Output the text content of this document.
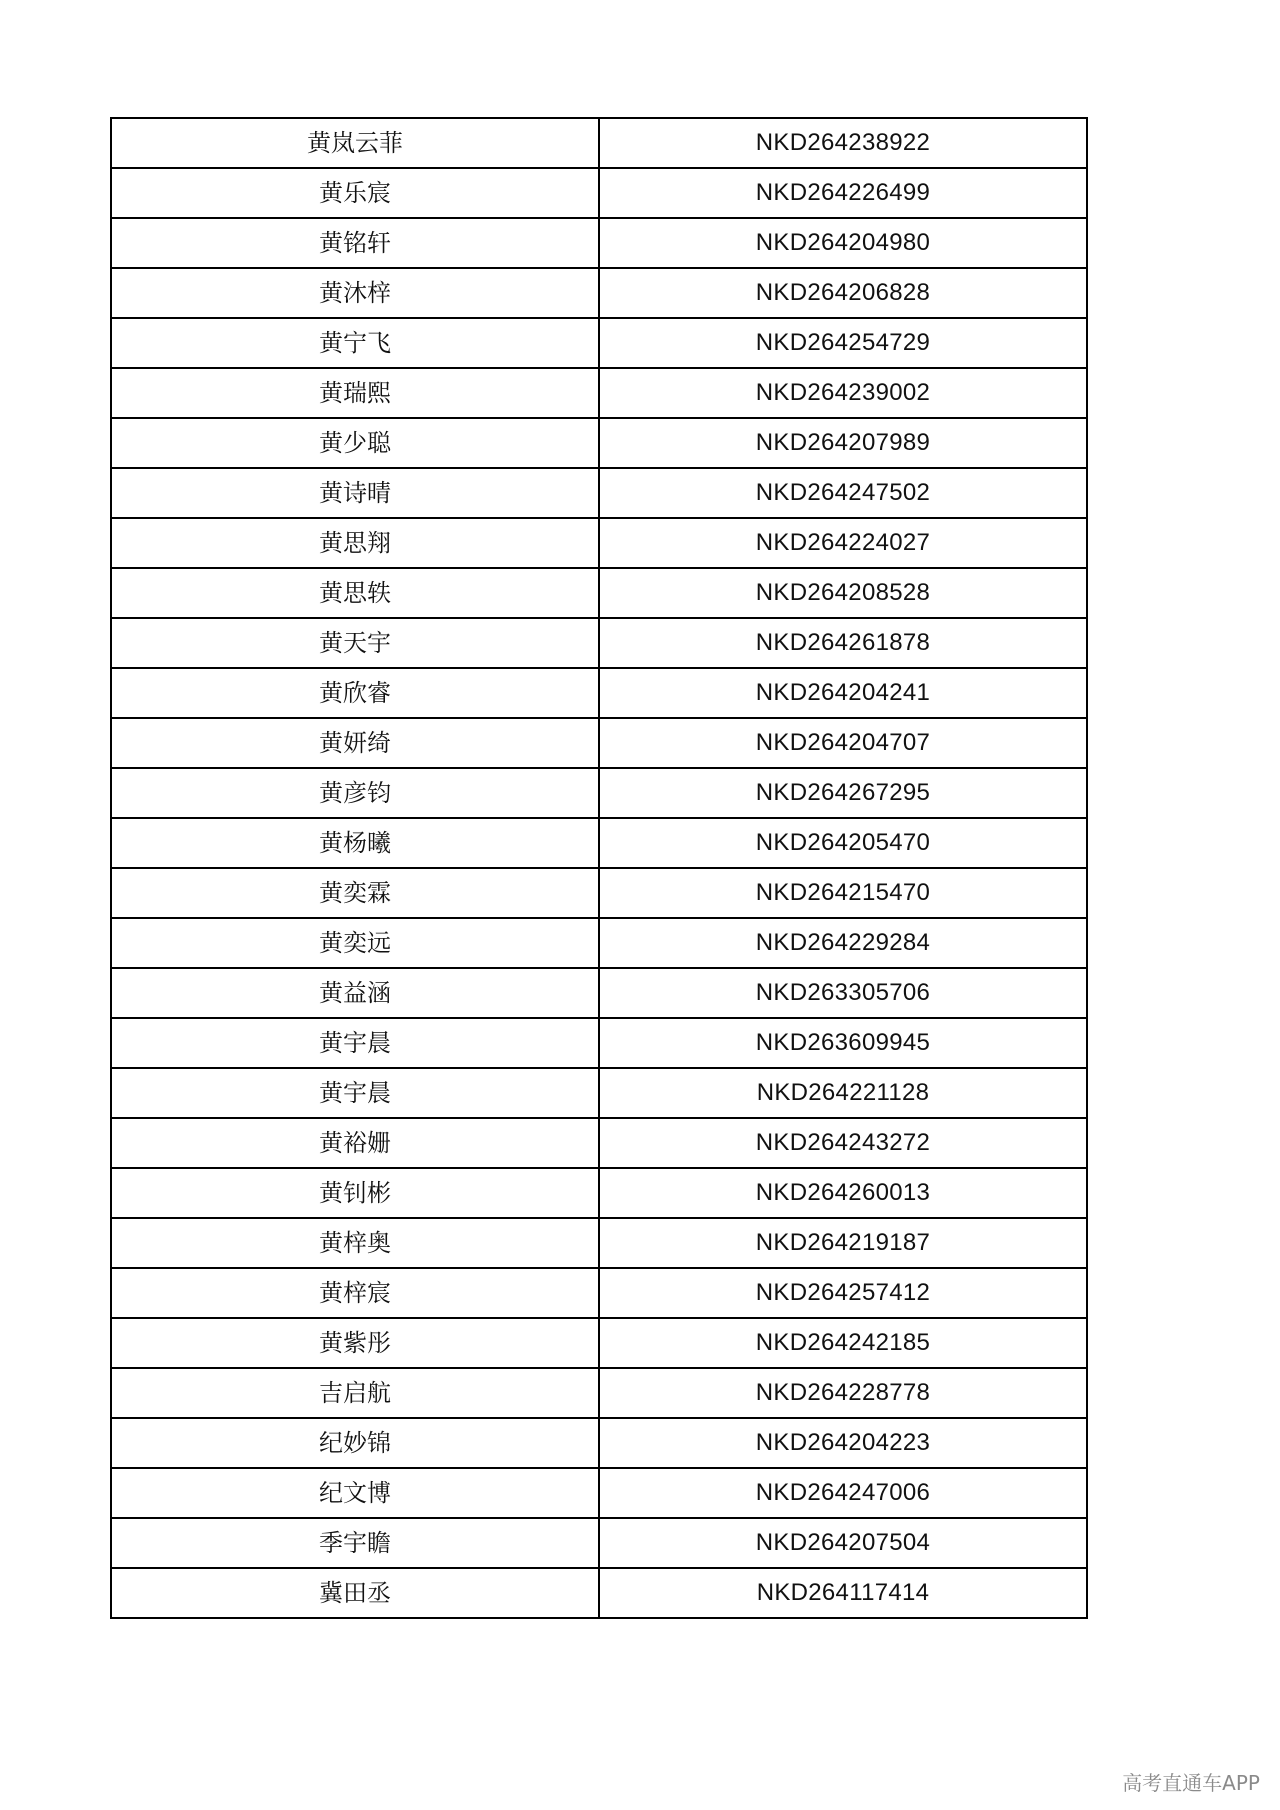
黄岚云菲	NKD264238922
黄乐宸	NKD264226499
黄铭轩	NKD264204980
黄沐梓	NKD264206828
黄宁飞	NKD264254729
黄瑞熙	NKD264239002
黄少聪	NKD264207989
黄诗晴	NKD264247502
黄思翔	NKD264224027
黄思轶	NKD264208528
黄天宇	NKD264261878
黄欣睿	NKD264204241
黄妍绮	NKD264204707
黄彦钧	NKD264267295
黄杨曦	NKD264205470
黄奕霖	NKD264215470
黄奕远	NKD264229284
黄益涵	NKD263305706
黄宇晨	NKD263609945
黄宇晨	NKD264221128
黄裕姗	NKD264243272
黄钊彬	NKD264260013
黄梓奥	NKD264219187
黄梓宸	NKD264257412
黄紫彤	NKD264242185
吉启航	NKD264228778
纪妙锦	NKD264204223
纪文博	NKD264247006
季宇瞻	NKD264207504
冀田丞	NKD264117414
高考直通车APP
